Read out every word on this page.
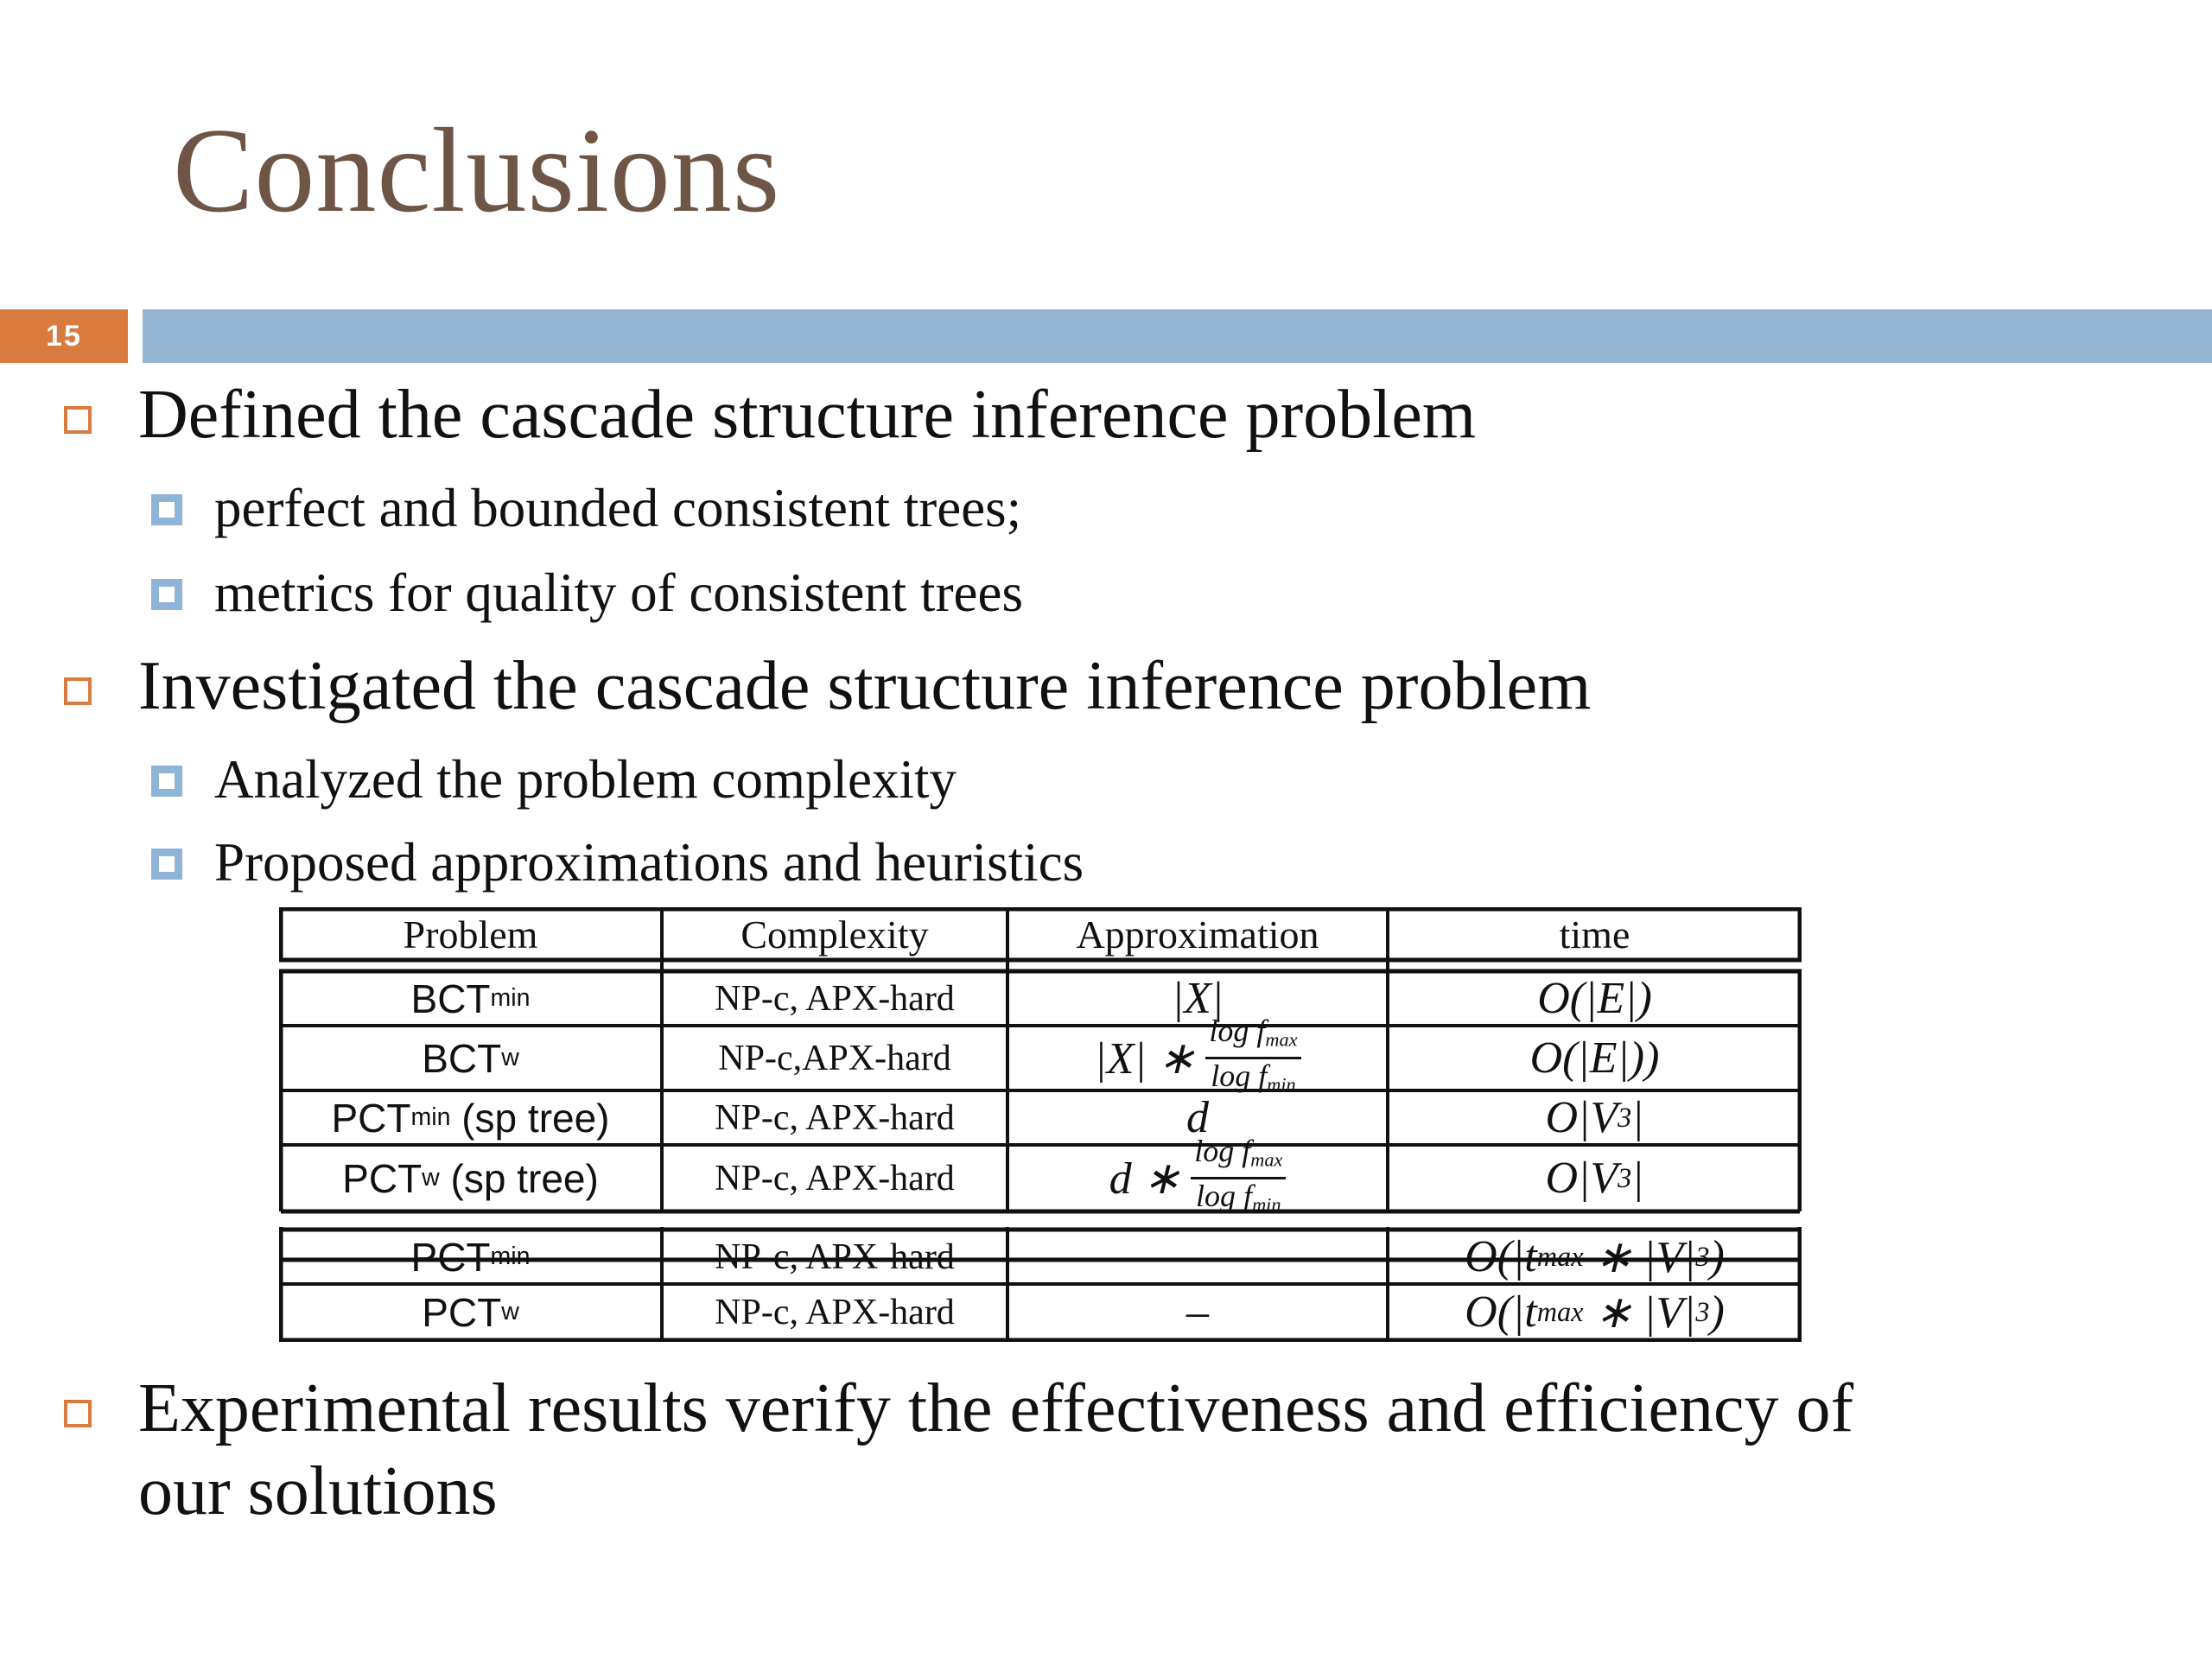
Conclusions
15
Defined the cascade structure inference problem
perfect and bounded consistent trees;
metrics for quality of consistent trees
Investigated the cascade structure inference problem
Analyzed the problem complexity
Proposed approximations and heuristics
Problem	Complexity	Approximation	time
BCT min	NP-c, APX-hard	|X|	O(|E|)
BCT w	NP-c,APX-hard	|X| ∗ $\frac{\log f_{max}}{\log f_{min}}$	O(|E|))
PCT min (sp tree)	NP-c, APX-hard	d	O|V 3 |
PCT w (sp tree)	NP-c, APX-hard	d ∗ $\frac{\log f_{max}}{\log f_{min}}$	O|V 3 |
PCT min	NP-c, APX-hard	–	O(|t max ∗ |V| 3 )
PCT w	NP-c, APX-hard	–	O(|t max ∗ |V| 3 )
Experimental results verify the effectiveness and efficiency of
our solutions
